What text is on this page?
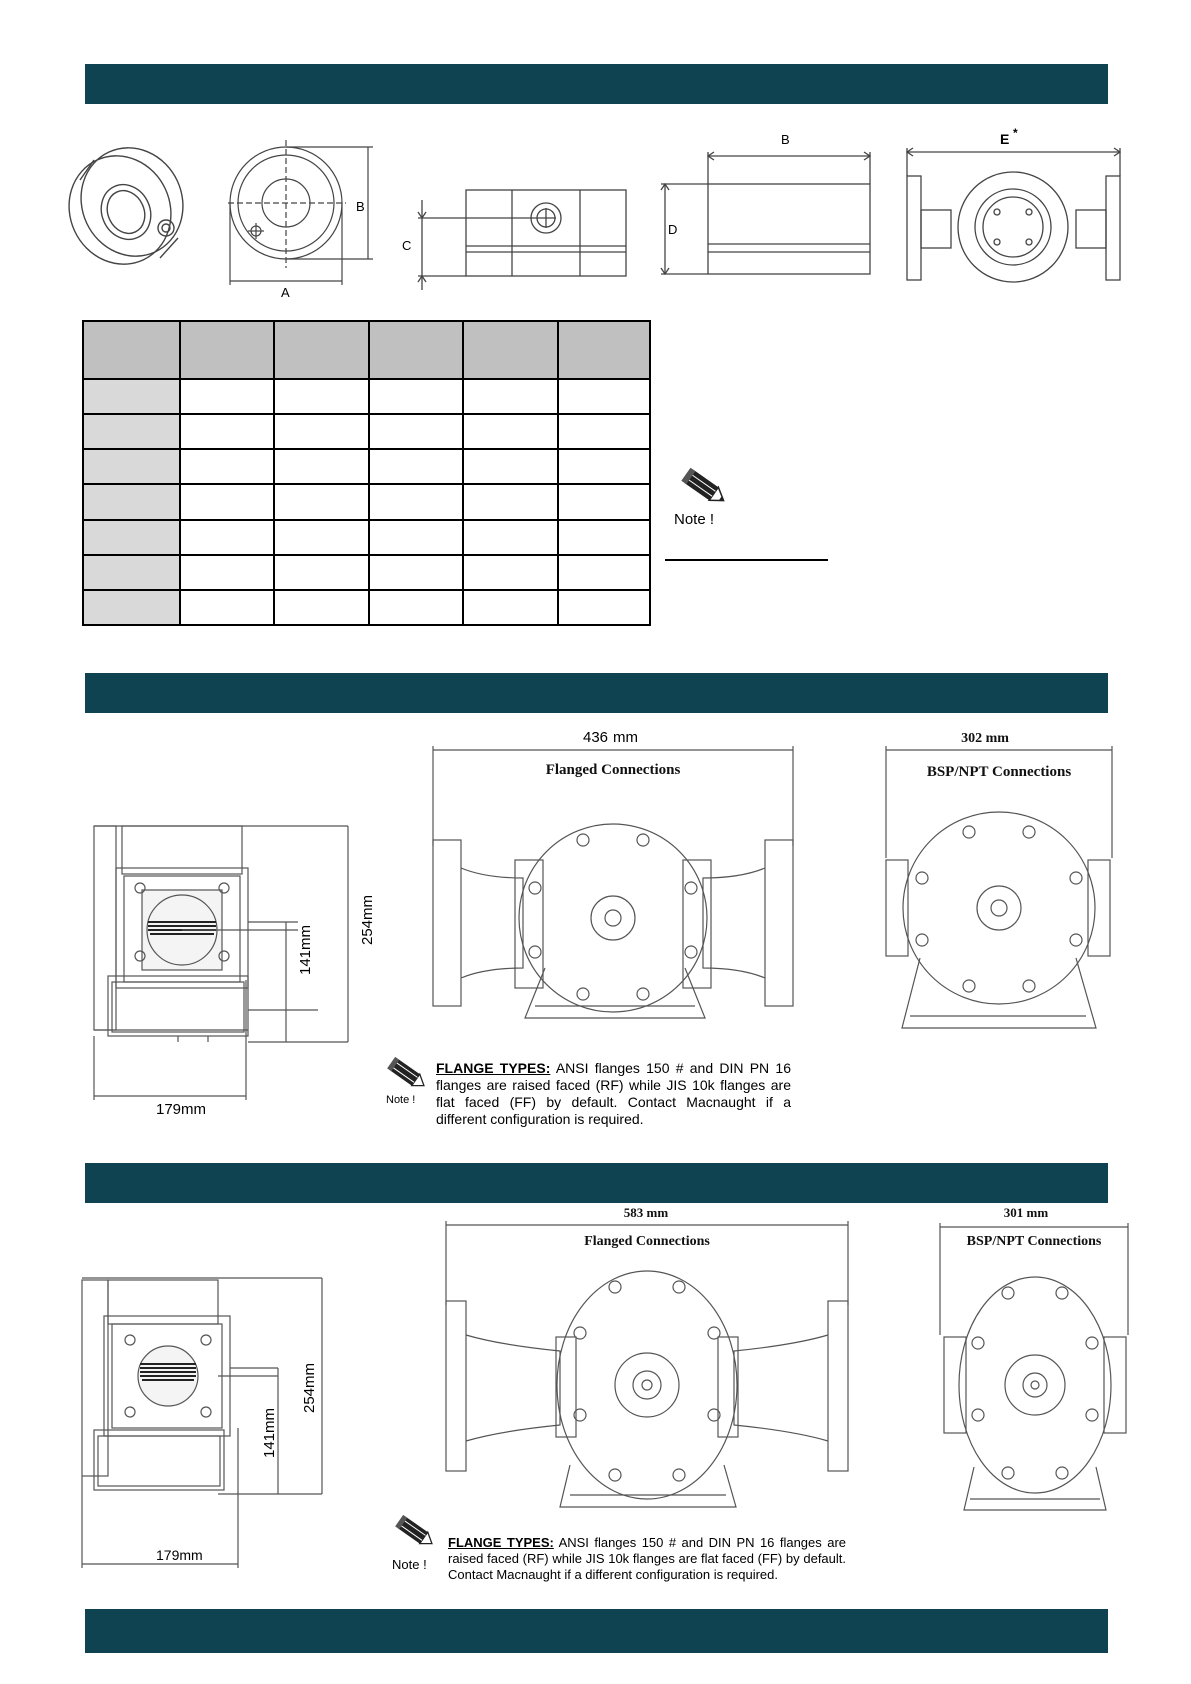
B
A
C
B
D
E *

Note !
254mm
141mm
179mm
436 mm
Flanged Connections
302 mm
BSP/NPT Connections
Note !
FLANGE TYPES: ANSI flanges 150 # and DIN PN 16 flanges are raised faced (RF) while JIS 10k flanges are flat faced (FF) by default. Contact Macnaught if a different configuration is required.
254mm
141mm
179mm
583 mm
Flanged Connections
301 mm
BSP/NPT Connections
Note !
FLANGE TYPES: ANSI flanges 150 # and DIN PN 16 flanges are raised faced (RF) while JIS 10k flanges are flat faced (FF) by default. Contact Macnaught if a different configuration is required.
